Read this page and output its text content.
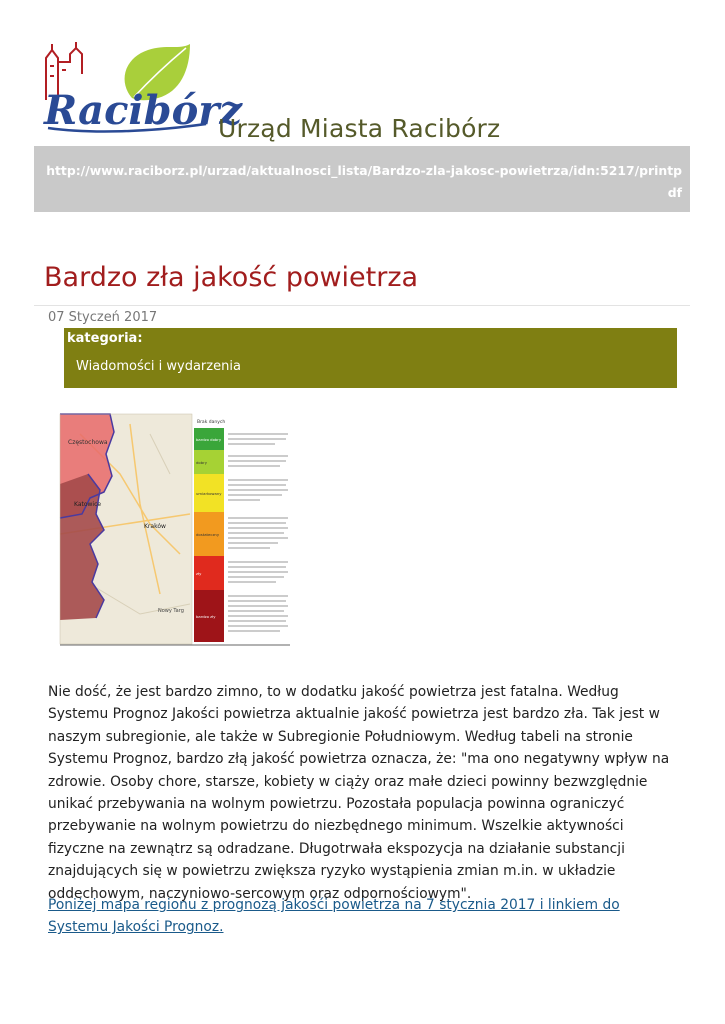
Racibórz
Urząd Miasta Racibórz
http://www.raciborz.pl/urzad/aktualnosci_lista/Bardzo-zla-jakosc-powietrza/idn:5217/printpdf
Bardzo zła jakość powietrza
07 Styczeń 2017
kategoria:
Wiadomości i wydarzenia
Częstochowa
Katowice
Kraków
Nowy Targ
Brak danych
bardzo dobry
dobry
umiarkowany
dostateczny
zły
bardzo zły

Nie dość, że jest bardzo zimno, to w dodatku jakość powietrza jest fatalna. Według Systemu Prognoz Jakości powietrza aktualnie jakość powietrza jest bardzo zła. Tak jest w naszym subregionie, ale także w Subregionie Południowym. Według tabeli na stronie Systemu Prognoz, bardzo złą jakość powietrza oznacza, że: "ma ono negatywny wpływ na zdrowie. Osoby chore, starsze, kobiety w ciąży oraz małe dzieci powinny bezwzględnie unikać przebywania na wolnym powietrzu. Pozostała populacja powinna ograniczyć przebywanie na wolnym powietrzu do niezbędnego minimum. Wszelkie aktywności fizyczne na zewnątrz są odradzane. Długotrwała ekspozycja na działanie substancji znajdujących się w powietrzu zwiększa ryzyko wystąpienia zmian m.in. w układzie oddechowym, naczyniowo-sercowym oraz odpornościowym".

Poniżej mapa regionu z prognozą jakośći powietrza na 7 stycznia 2017 i linkiem do Systemu Jakości Prognoz.
